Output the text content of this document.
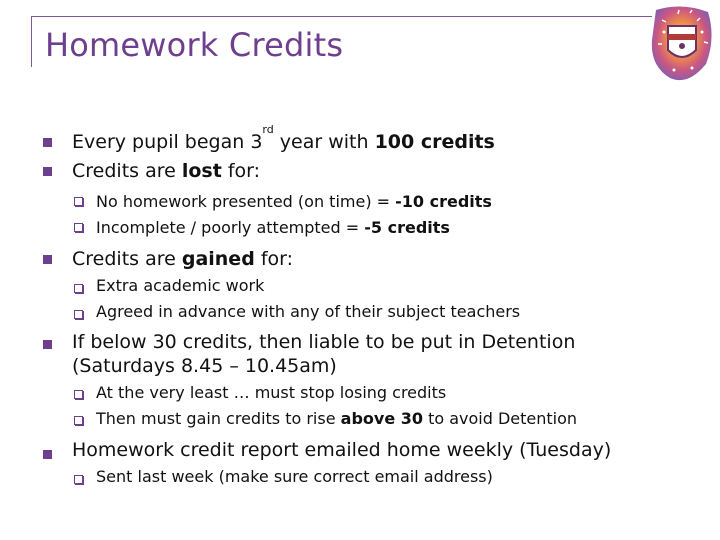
Homework Credits
Every pupil began 3
rd
year with 100 credits
Credits are lost for:
No homework presented (on time) = -10 credits
Incomplete / poorly attempted = -5 credits
Credits are gained for:
Extra academic work
Agreed in advance with any of their subject teachers
If below 30 credits, then liable to be put in Detention
(Saturdays 8.45 – 10.45am)
At the very least … must stop losing credits
Then must gain credits to rise above 30 to avoid Detention
Homework credit report emailed home weekly (Tuesday)
Sent last week (make sure correct email address)
